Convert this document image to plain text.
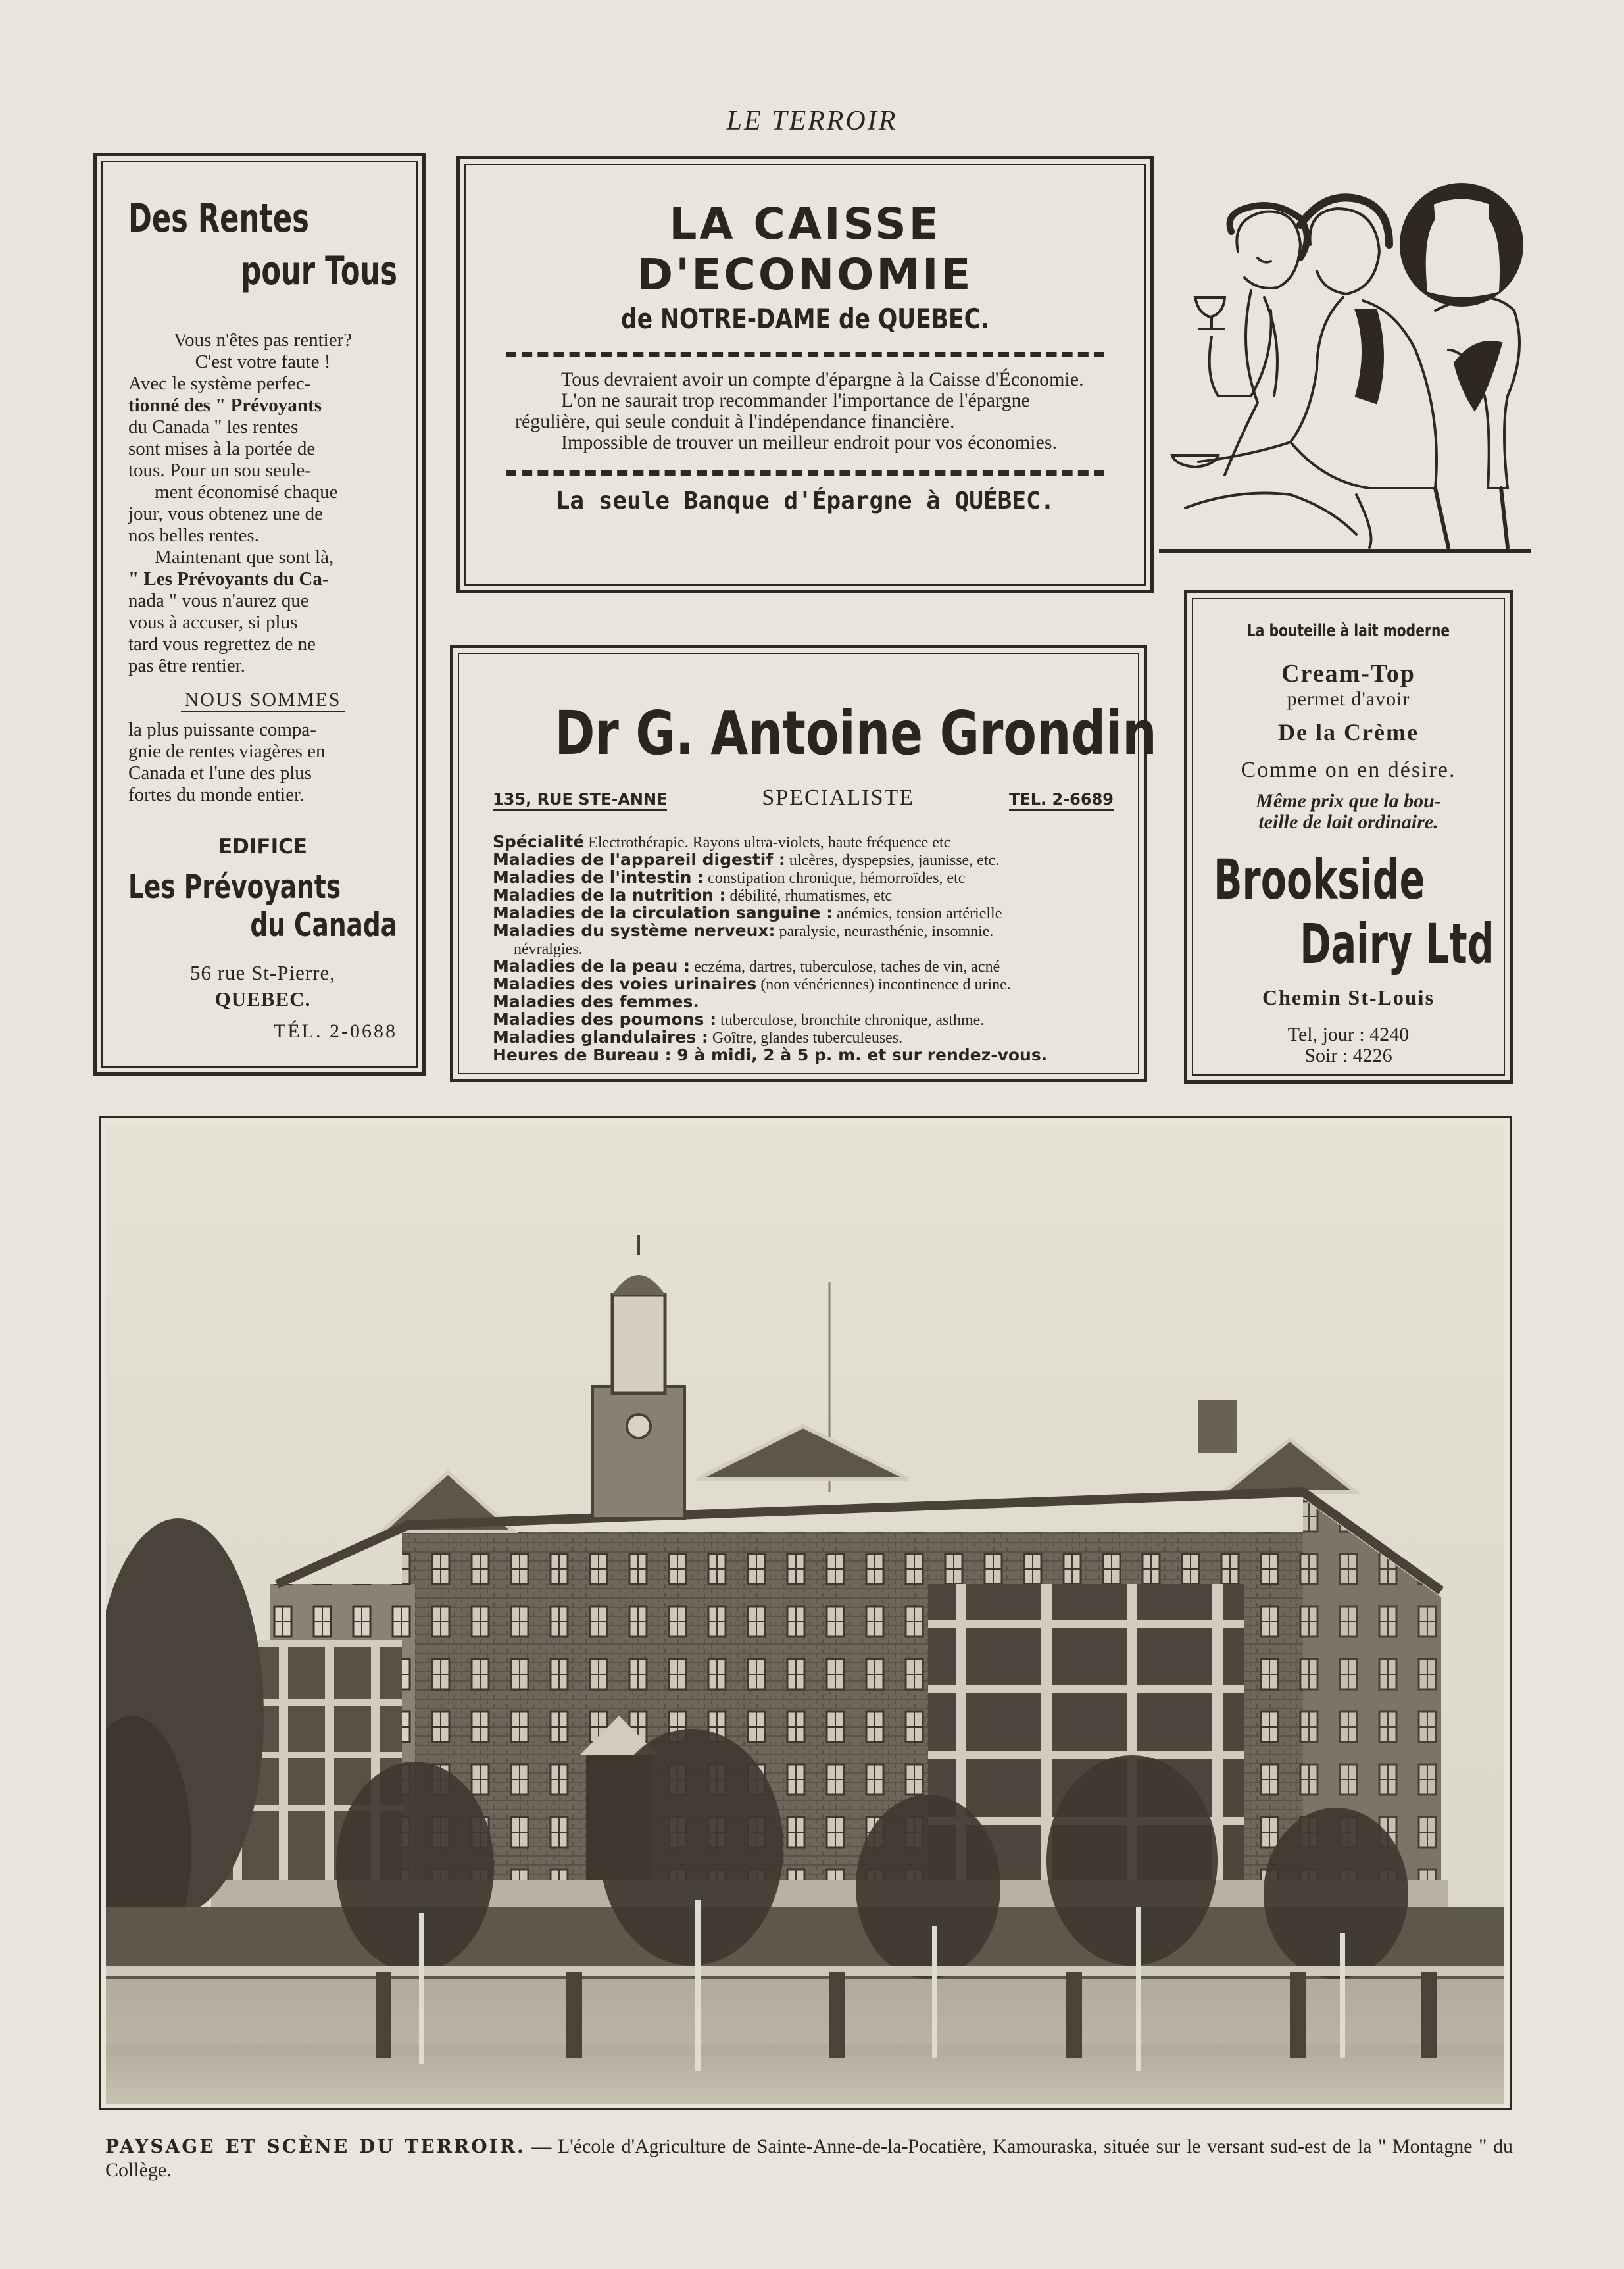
LE TERROIR
Des Rentes
pour Tous

Vous n'êtes pas rentier?

C'est votre faute !

Avec le système perfec-

tionné des " Prévoyants

du Canada " les rentes

sont mises à la portée de

tous. Pour un sou seule-

ment économisé chaque

jour, vous obtenez une de

nos belles rentes.

Maintenant que sont là,

" Les Prévoyants du Ca-

nada " vous n'aurez que

vous à accuser, si plus

tard vous regrettez de ne

pas être rentier.

NOUS SOMMES

la plus puissante compa-

gnie de rentes viagères en

Canada et l'une des plus

fortes du monde entier.

EDIFICE
Les Prévoyants
du Canada
56 rue St-Pierre,
QUEBEC.
TÉL. 2-0688
LA CAISSE D'ECONOMIE
de NOTRE-DAME de QUEBEC.

Tous devraient avoir un compte d'épargne à la Caisse d'Économie.

L'on ne saurait trop recommander l'importance de l'épargne régulière, qui seule conduit à l'indépendance financière.

Impossible de trouver un meilleur endroit pour vos économies.

La seule Banque d'Épargne à QUÉBEC.
Dr G. Antoine Grondin
135, RUE STE-ANNE	SPECIALISTE	TEL. 2-6689
Spécialité Electrothérapie. Rayons ultra-violets, haute fréquence etc
Maladies de l'appareil digestif : ulcères, dyspepsies, jaunisse, etc.
Maladies de l'intestin : constipation chronique, hémorroïdes, etc
Maladies de la nutrition : débilité, rhumatismes, etc
Maladies de la circulation sanguine : anémies, tension artérielle
Maladies du système nerveux: paralysie, neurasthénie, insomnie.
névralgies.
Maladies de la peau : eczéma, dartres, tuberculose, taches de vin, acné
Maladies des voies urinaires (non vénériennes) incontinence d urine.
Maladies des femmes.
Maladies des poumons : tuberculose, bronchite chronique, asthme.
Maladies glandulaires : Goître, glandes tuberculeuses.
Heures de Bureau : 9 à midi, 2 à 5 p. m. et sur rendez-vous.
La bouteille à lait moderne
Cream-Top
permet d'avoir
De la Crème
Comme on en désire.
Même prix que la bou-
teille de lait ordinaire.
Brookside
Dairy Ltd
Chemin St-Louis
Tel, jour : 4240
Soir : 4226
PAYSAGE ET SCÈNE DU TERROIR. — L'école d'Agriculture de Sainte-Anne-de-la-Pocatière, Kamouraska, située sur le versant sud-est de la " Montagne " du Collège.
